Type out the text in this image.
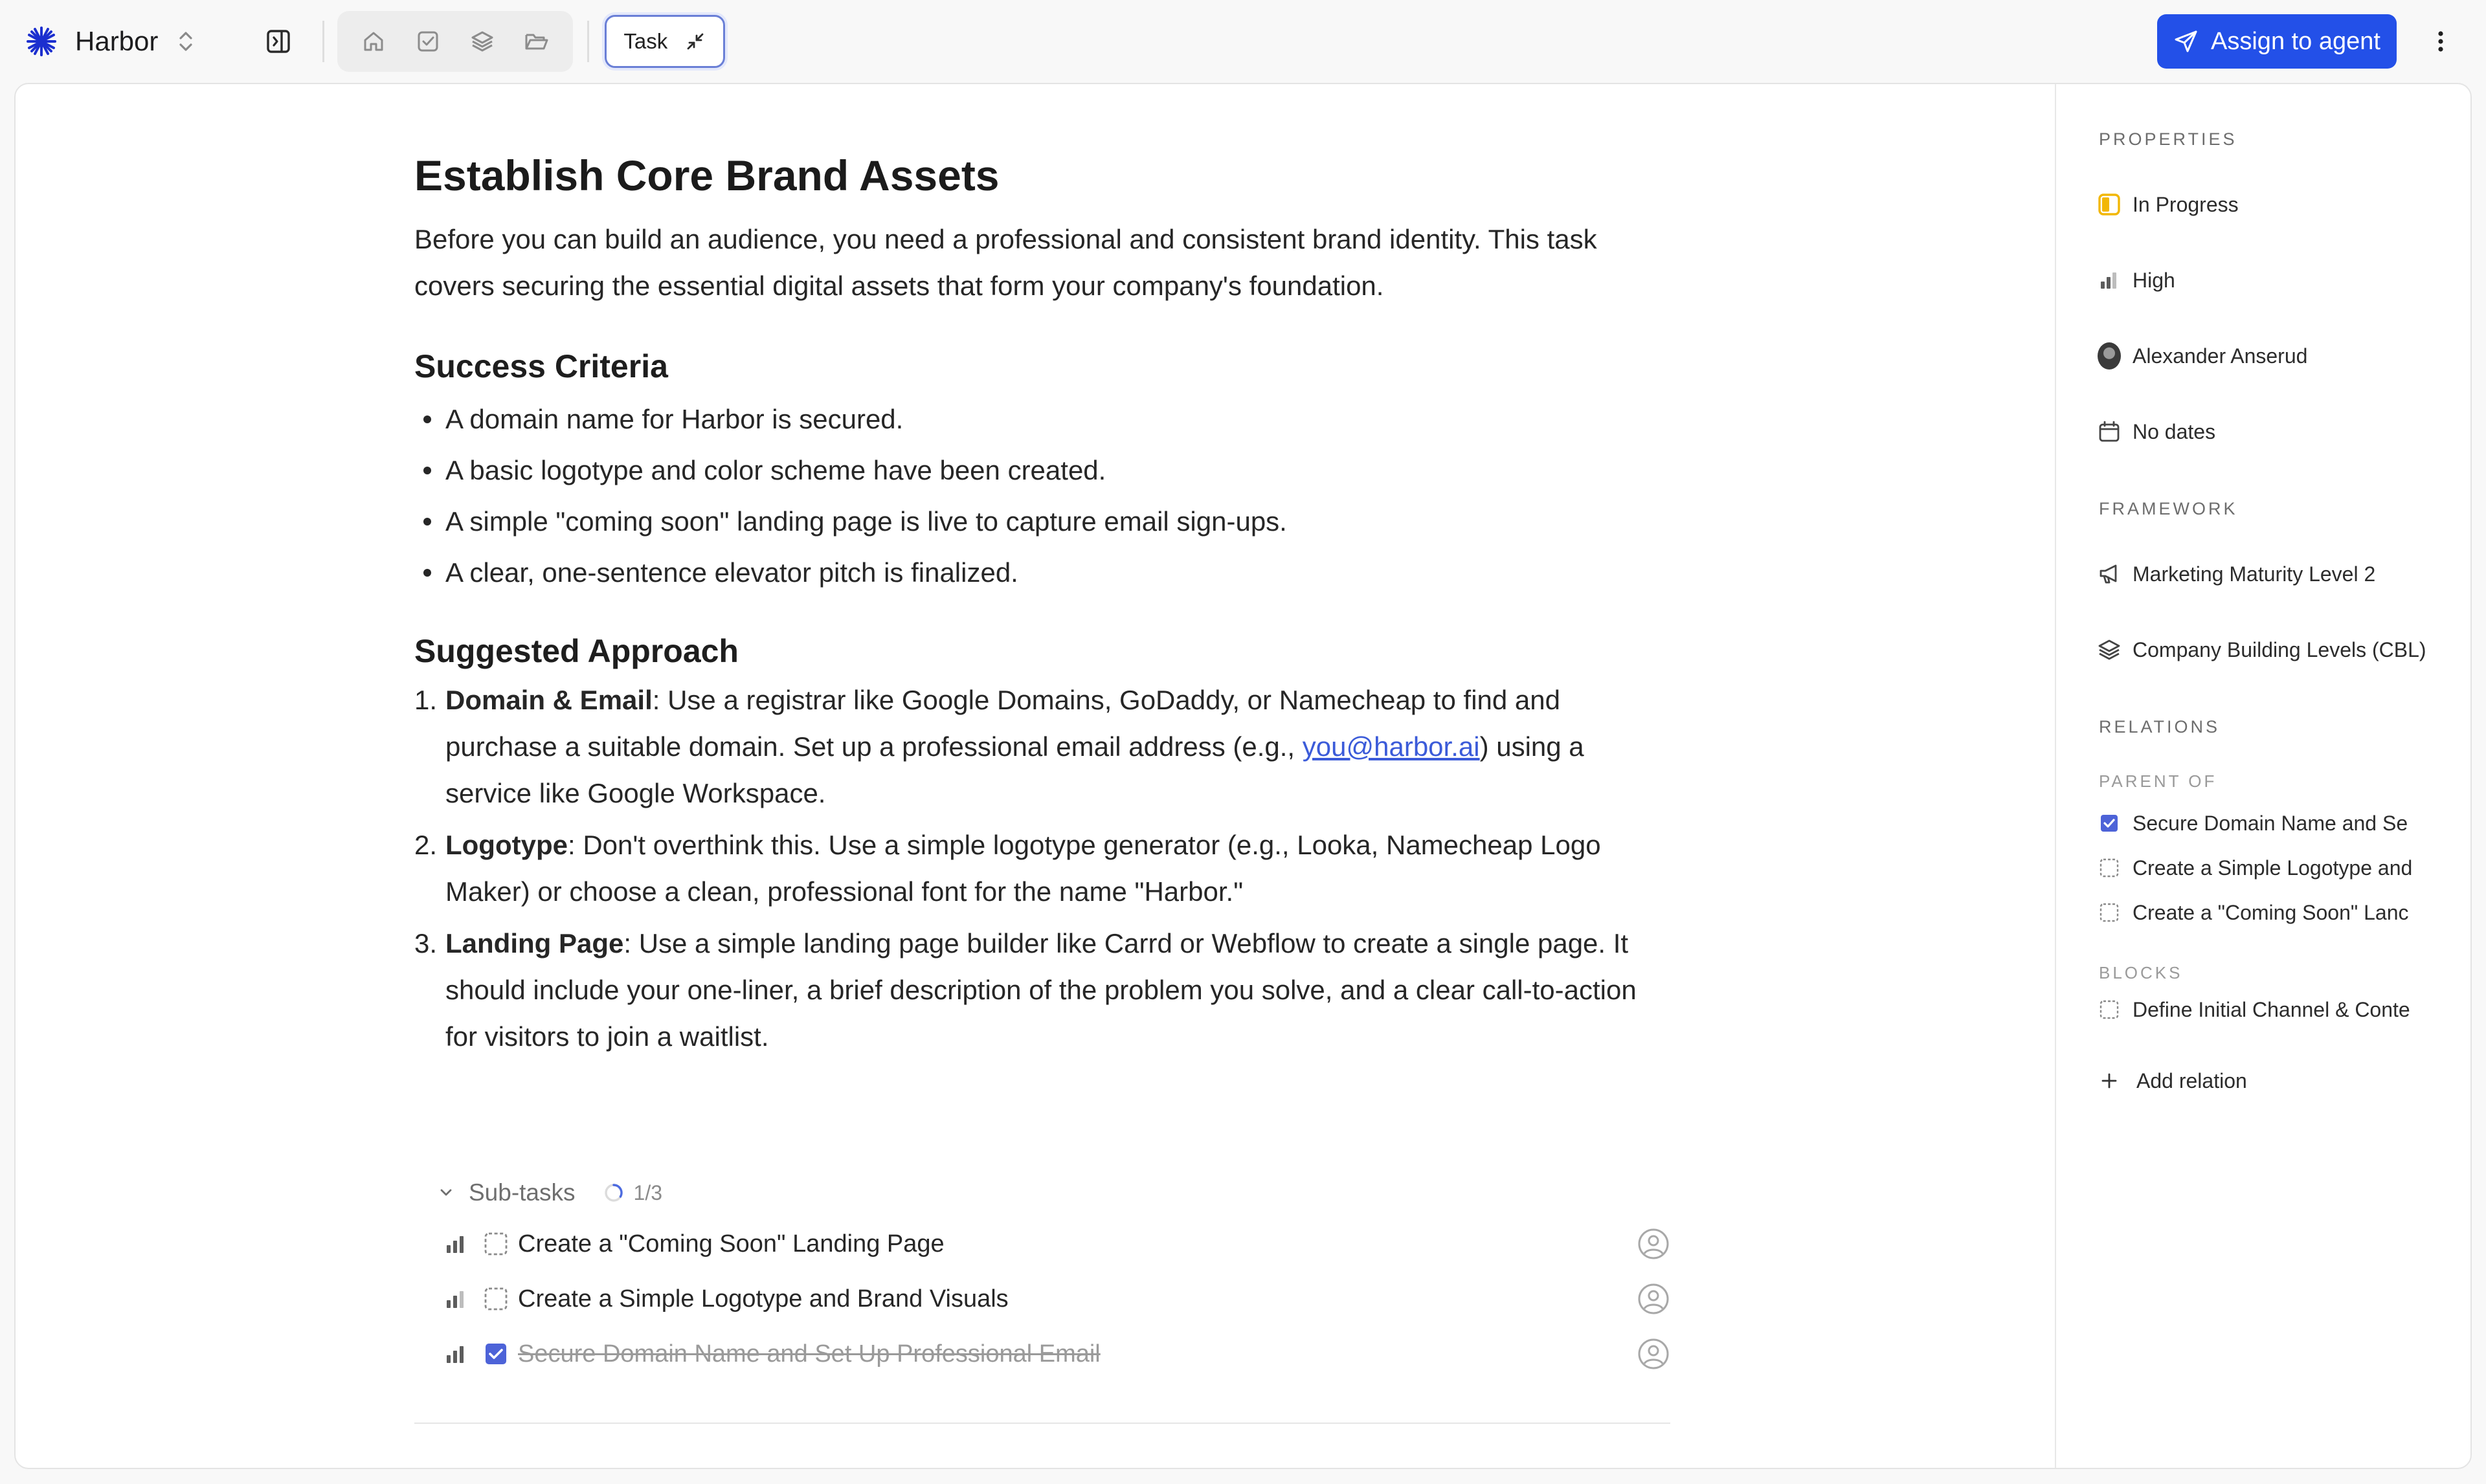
Harbor	Task	Assign to agent
Establish Core Brand Assets

Before you can build an audience, you need a professional and consistent brand identity. This task covers securing the essential digital assets that form your company's foundation.

Success Criteria
A domain name for Harbor is secured.
A basic logotype and color scheme have been created.
A simple "coming soon" landing page is live to capture email sign-ups.
A clear, one-sentence elevator pitch is finalized.
Suggested Approach
1. Domain & Email: Use a registrar like Google Domains, GoDaddy, or Namecheap to find and purchase a suitable domain. Set up a professional email address (e.g., you@harbor.ai) using a service like Google Workspace.
2. Logotype: Don't overthink this. Use a simple logotype generator (e.g., Looka, Namecheap Logo Maker) or choose a clean, professional font for the name "Harbor."
3. Landing Page: Use a simple landing page builder like Carrd or Webflow to create a single page. It should include your one-liner, a brief description of the problem you solve, and a clear call-to-action for visitors to join a waitlist.
Sub-tasks	1/3
Create a "Coming Soon" Landing Page
Create a Simple Logotype and Brand Visuals
Secure Domain Name and Set Up Professional Email
PROPERTIES
In Progress
High
Alexander Anserud
No dates
FRAMEWORK
Marketing Maturity Level 2
Company Building Levels (CBL)
RELATIONS
PARENT OF
Secure Domain Name and Se
Create a Simple Logotype and
Create a "Coming Soon" Lanc
BLOCKS
Define Initial Channel & Conte
Add relation
